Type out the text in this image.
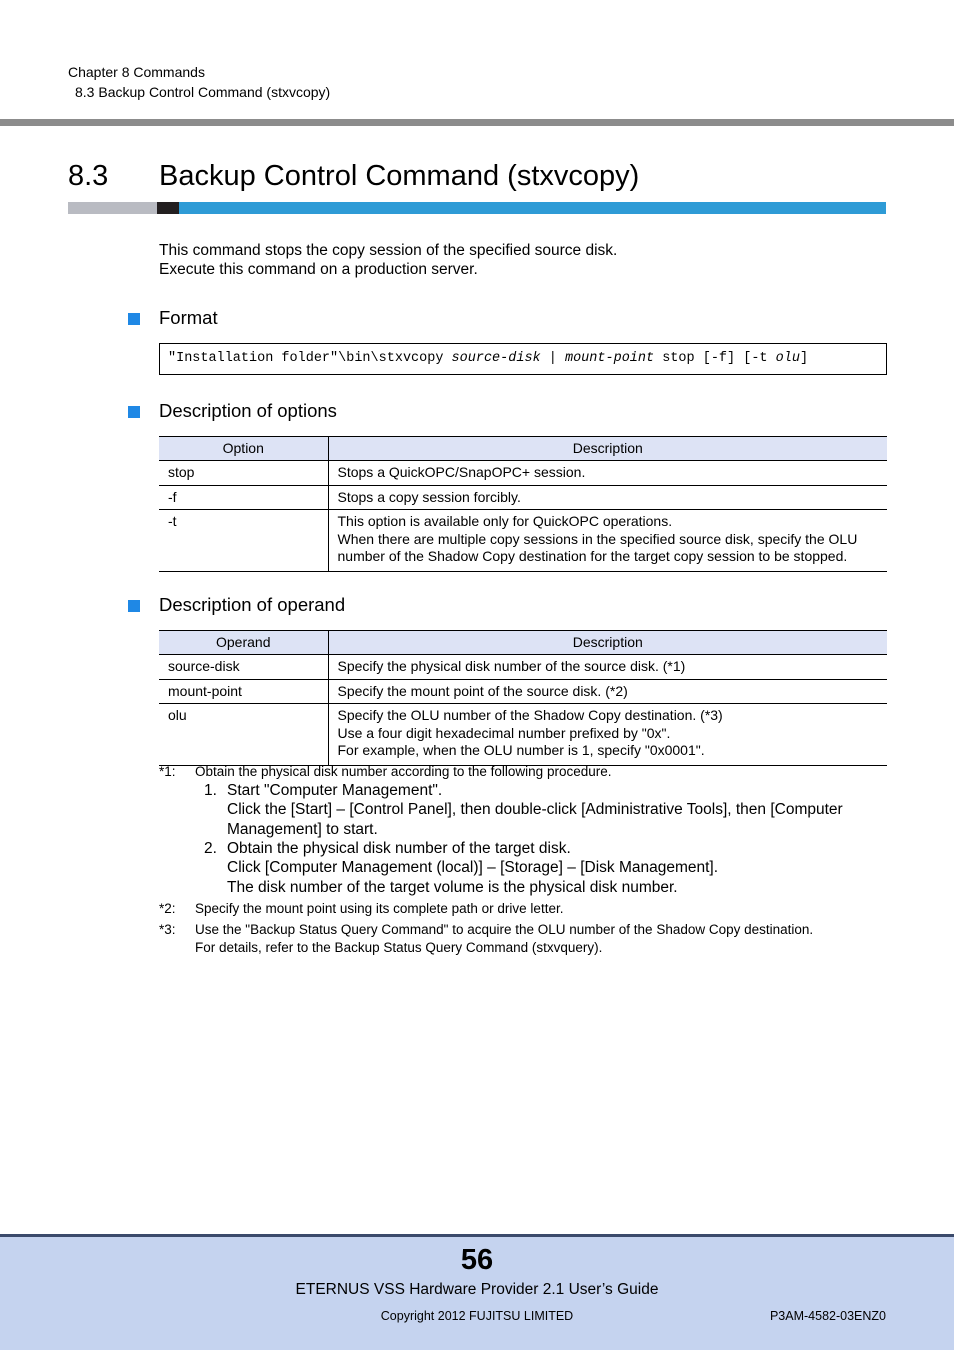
Chapter 8 Commands
8.3 Backup Control Command (stxvcopy)
8.3 Backup Control Command (stxvcopy)
This command stops the copy session of the specified source disk.
Execute this command on a production server.
Format
"Installation folder"\bin\stxvcopy source-disk | mount-point stop [-f] [-t olu]
Description of options
Option	Description
stop	Stops a QuickOPC/SnapOPC+ session.

-f	Stops a copy session forcibly.

-t	This option is available only for QuickOPC operations.
When there are multiple copy sessions in the specified source disk, specify the OLU
number of the Shadow Copy destination for the target copy session to be stopped.
Description of operand
Operand	Description
source-disk	Specify the physical disk number of the source disk. (*1)

mount-point	Specify the mount point of the source disk. (*2)

olu	Specify the OLU number of the Shadow Copy destination. (*3)
Use a four digit hexadecimal number prefixed by "0x".
For example, when the OLU number is 1, specify "0x0001".
*1: Obtain the physical disk number according to the following procedure.
1. Start "Computer Management".
Click the [Start] – [Control Panel], then double-click [Administrative Tools], then [Computer
Management] to start.
2. Obtain the physical disk number of the target disk.
Click [Computer Management (local)] – [Storage] – [Disk Management].
The disk number of the target volume is the physical disk number.
*2: Specify the mount point using its complete path or drive letter.
*3: Use the "Backup Status Query Command" to acquire the OLU number of the Shadow Copy destination.
For details, refer to the Backup Status Query Command (stxvquery).
56
ETERNUS VSS Hardware Provider 2.1 User’s Guide
Copyright 2012 FUJITSU LIMITED	P3AM-4582-03ENZ0
